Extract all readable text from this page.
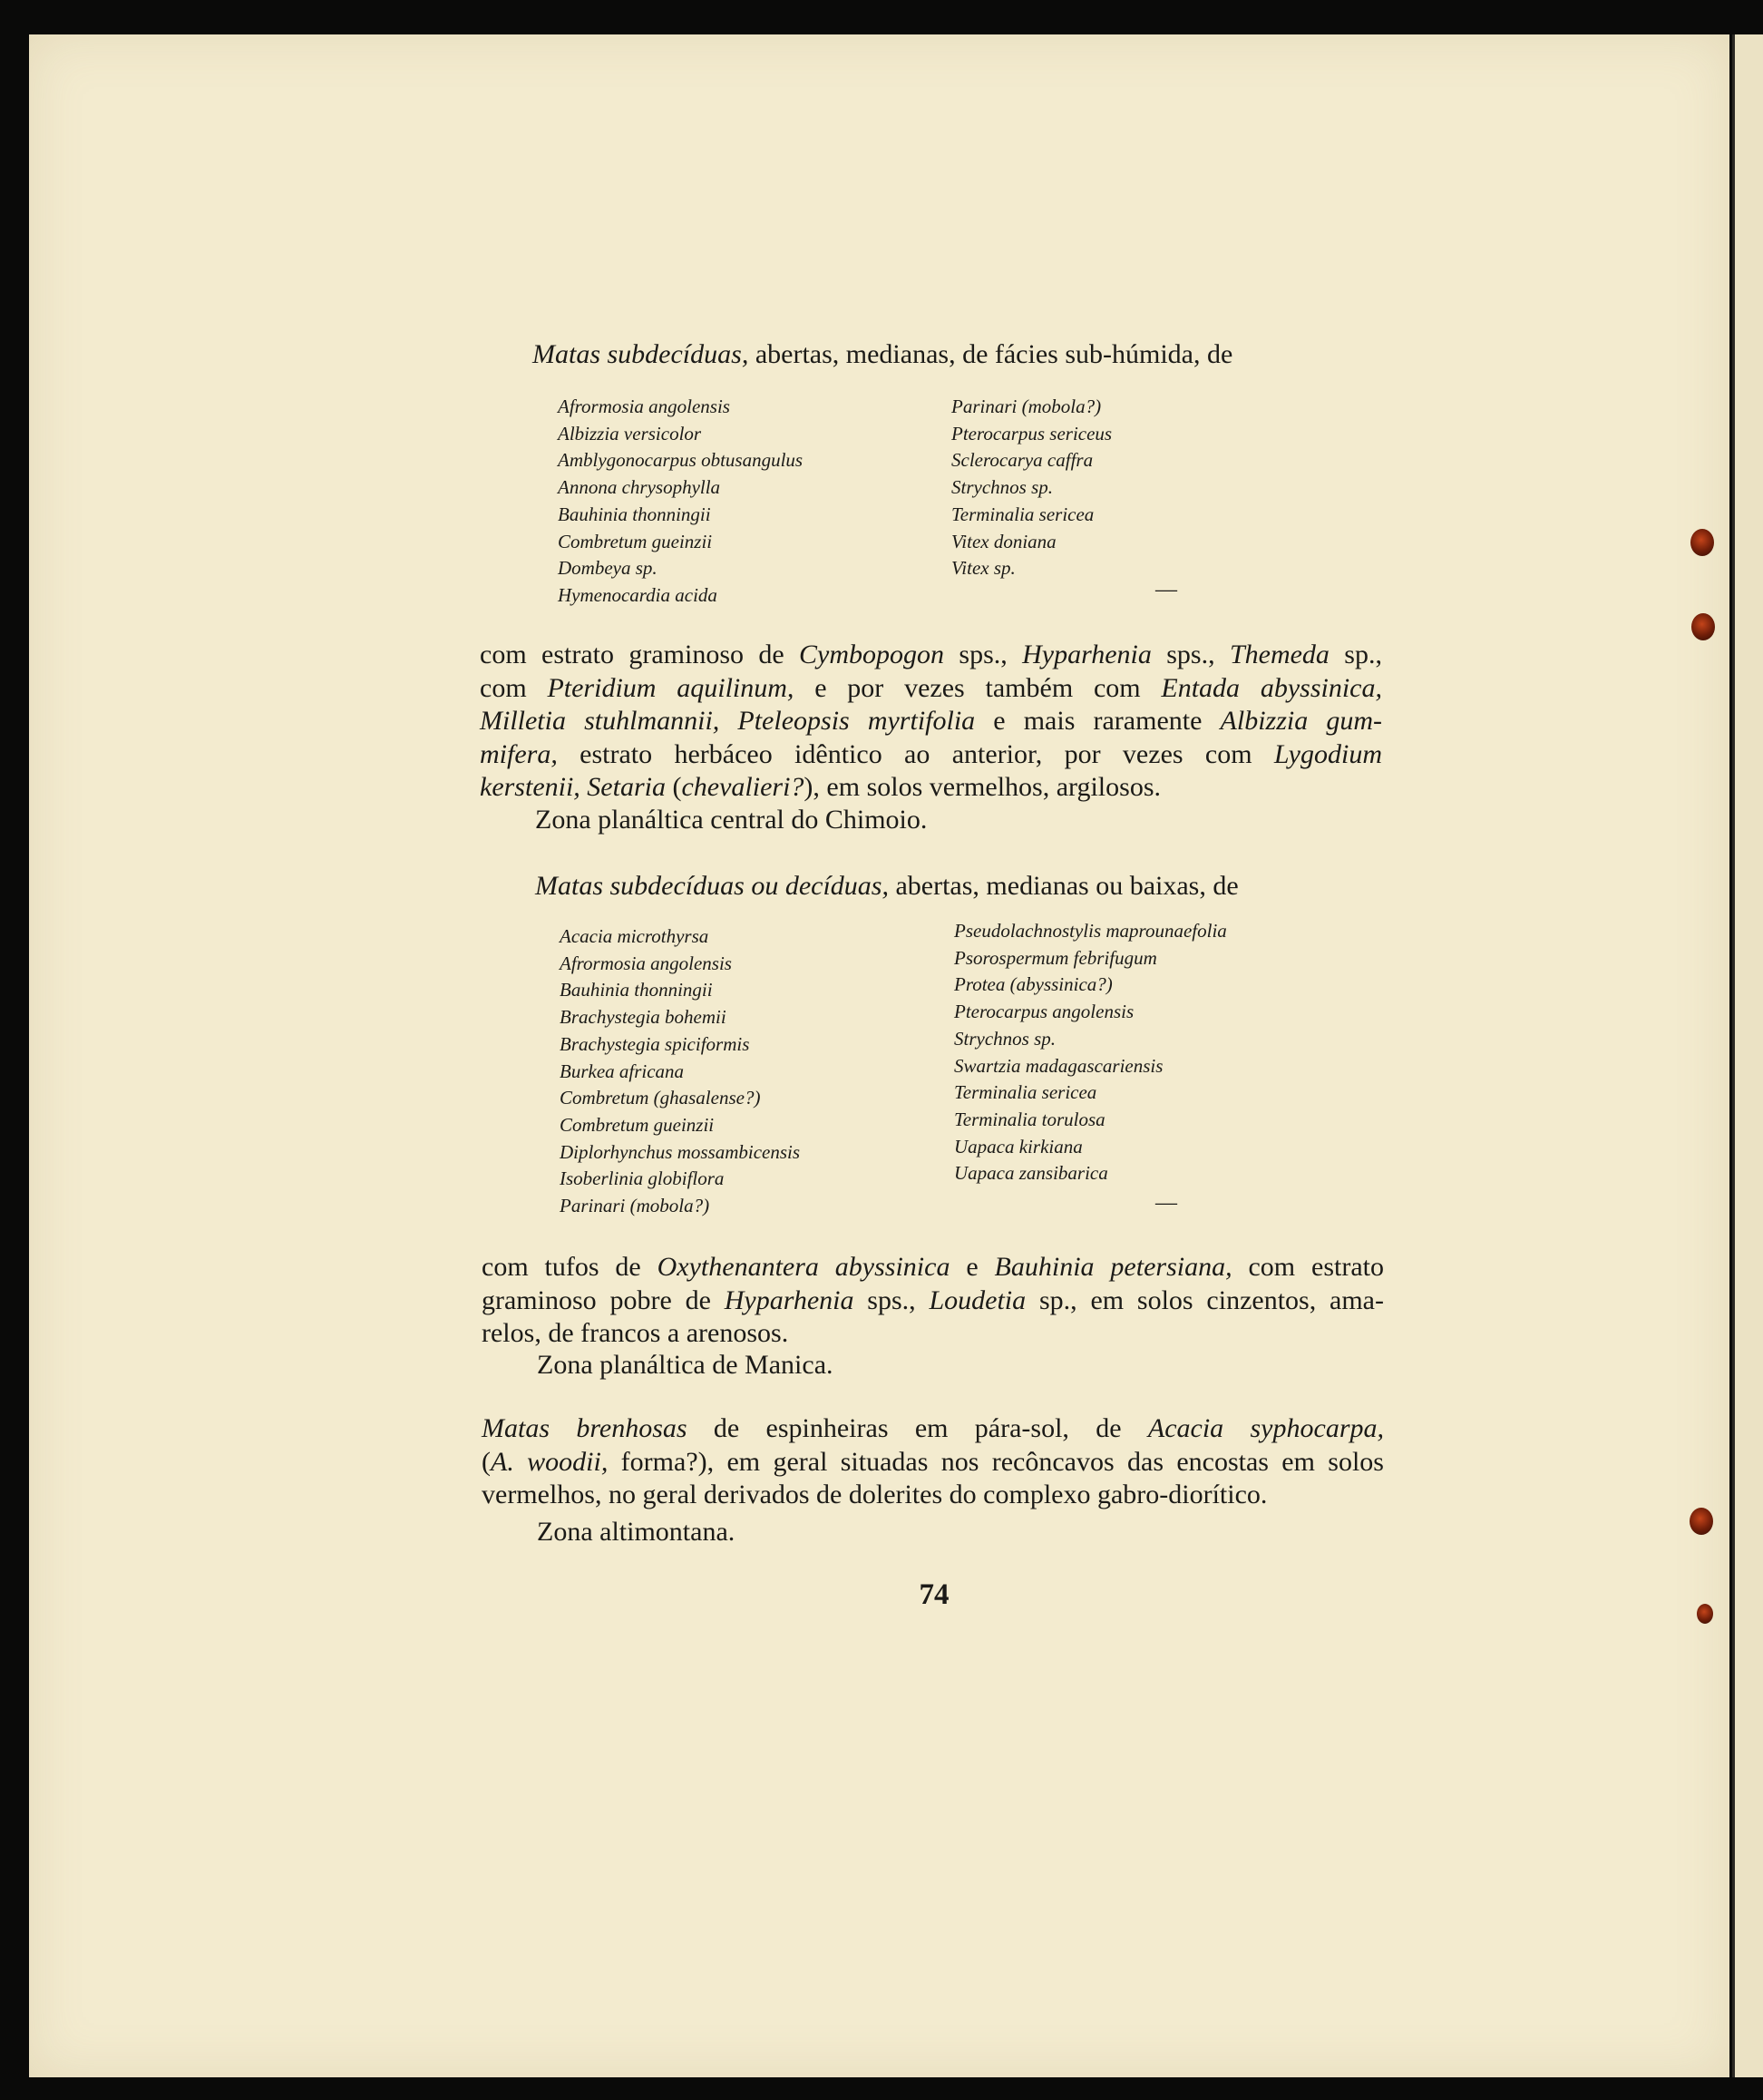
Matas subdecíduas, abertas, medianas, de fácies sub-húmida, de
Afrormosia angolensis
Albizzia versicolor
Amblygonocarpus obtusangulus
Annona chrysophylla
Bauhinia thonningii
Combretum gueinzii
Dombeya sp.
Hymenocardia acida
Parinari (mobola?)
Pterocarpus sericeus
Sclerocarya caffra
Strychnos sp.
Terminalia sericea
Vitex doniana
Vitex sp.
—
com estrato graminoso de Cymbopogon sps., Hyparhenia sps., Themeda sp.,
com Pteridium aquilinum, e por vezes também com Entada abyssinica,
Milletia stuhlmannii, Pteleopsis myrtifolia e mais raramente Albizzia gum-
mifera, estrato herbáceo idêntico ao anterior, por vezes com Lygodium
kerstenii, Setaria (chevalieri?), em solos vermelhos, argilosos.
Zona planáltica central do Chimoio.
Matas subdecíduas ou decíduas, abertas, medianas ou baixas, de
Acacia microthyrsa
Afrormosia angolensis
Bauhinia thonningii
Brachystegia bohemii
Brachystegia spiciformis
Burkea africana
Combretum (ghasalense?)
Combretum gueinzii
Diplorhynchus mossambicensis
Isoberlinia globiflora
Parinari (mobola?)
Pseudolachnostylis maprounaefolia
Psorospermum febrifugum
Protea (abyssinica?)
Pterocarpus angolensis
Strychnos sp.
Swartzia madagascariensis
Terminalia sericea
Terminalia torulosa
Uapaca kirkiana
Uapaca zansibarica
—
com tufos de Oxythenantera abyssinica e Bauhinia petersiana, com estrato
graminoso pobre de Hyparhenia sps., Loudetia sp., em solos cinzentos, ama-
relos, de francos a arenosos.
Zona planáltica de Manica.
Matas brenhosas de espinheiras em pára-sol, de Acacia syphocarpa,
(A. woodii, forma?), em geral situadas nos recôncavos das encostas em solos
vermelhos, no geral derivados de dolerites do complexo gabro-diorítico.
Zona altimontana.
74
